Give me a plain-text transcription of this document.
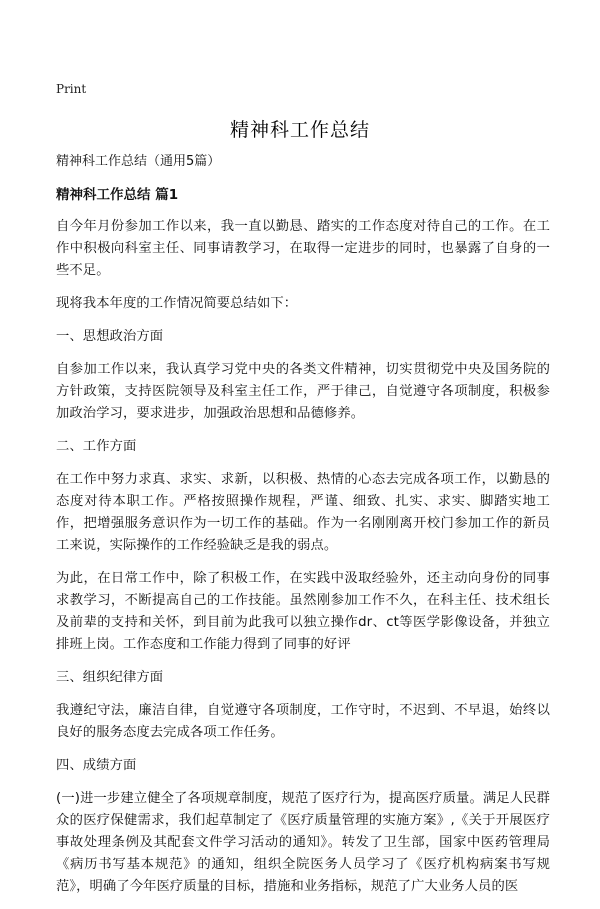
Print
精神科工作总结
精神科工作总结（通用5篇）
精神科工作总结 篇1

自今年月份参加工作以来，我一直以勤恳、踏实的工作态度对待自己的工作。在工作中积极向科室主任、同事请教学习，在取得一定进步的同时，也暴露了自身的一些不足。

现将我本年度的工作情况简要总结如下：

一、思想政治方面

自参加工作以来，我认真学习党中央的各类文件精神，切实贯彻党中央及国务院的方针政策，支持医院领导及科室主任工作，严于律己，自觉遵守各项制度，积极参加政治学习，要求进步，加强政治思想和品德修养。

二、工作方面

在工作中努力求真、求实、求新，以积极、热情的心态去完成各项工作，以勤恳的态度对待本职工作。严格按照操作规程，严谨、细致、扎实、求实、脚踏实地工作，把增强服务意识作为一切工作的基础。作为一名刚刚离开校门参加工作的新员工来说，实际操作的工作经验缺乏是我的弱点。

为此，在日常工作中，除了积极工作，在实践中汲取经验外，还主动向身份的同事求教学习，不断提高自己的工作技能。虽然刚参加工作不久，在科主任、技术组长及前辈的支持和关怀，到目前为此我可以独立操作dr、ct等医学影像设备，并独立排班上岗。工作态度和工作能力得到了同事的好评

三、组织纪律方面

我遵纪守法，廉洁自律，自觉遵守各项制度，工作守时，不迟到、不早退，始终以良好的服务态度去完成各项工作任务。

四、成绩方面

(一)进一步建立健全了各项规章制度，规范了医疗行为，提高医疗质量。满足人民群众的医疗保健需求，我们起草制定了《医疗质量管理的实施方案》,《关于开展医疗事故处理条例及其配套文件学习活动的通知》。转发了卫生部，国家中医药管理局《病历书写基本规范》的通知，组织全院医务人员学习了《医疗机构病案书写规范》，明确了今年医疗质量的目标，措施和业务指标，规范了广大业务人员的医
